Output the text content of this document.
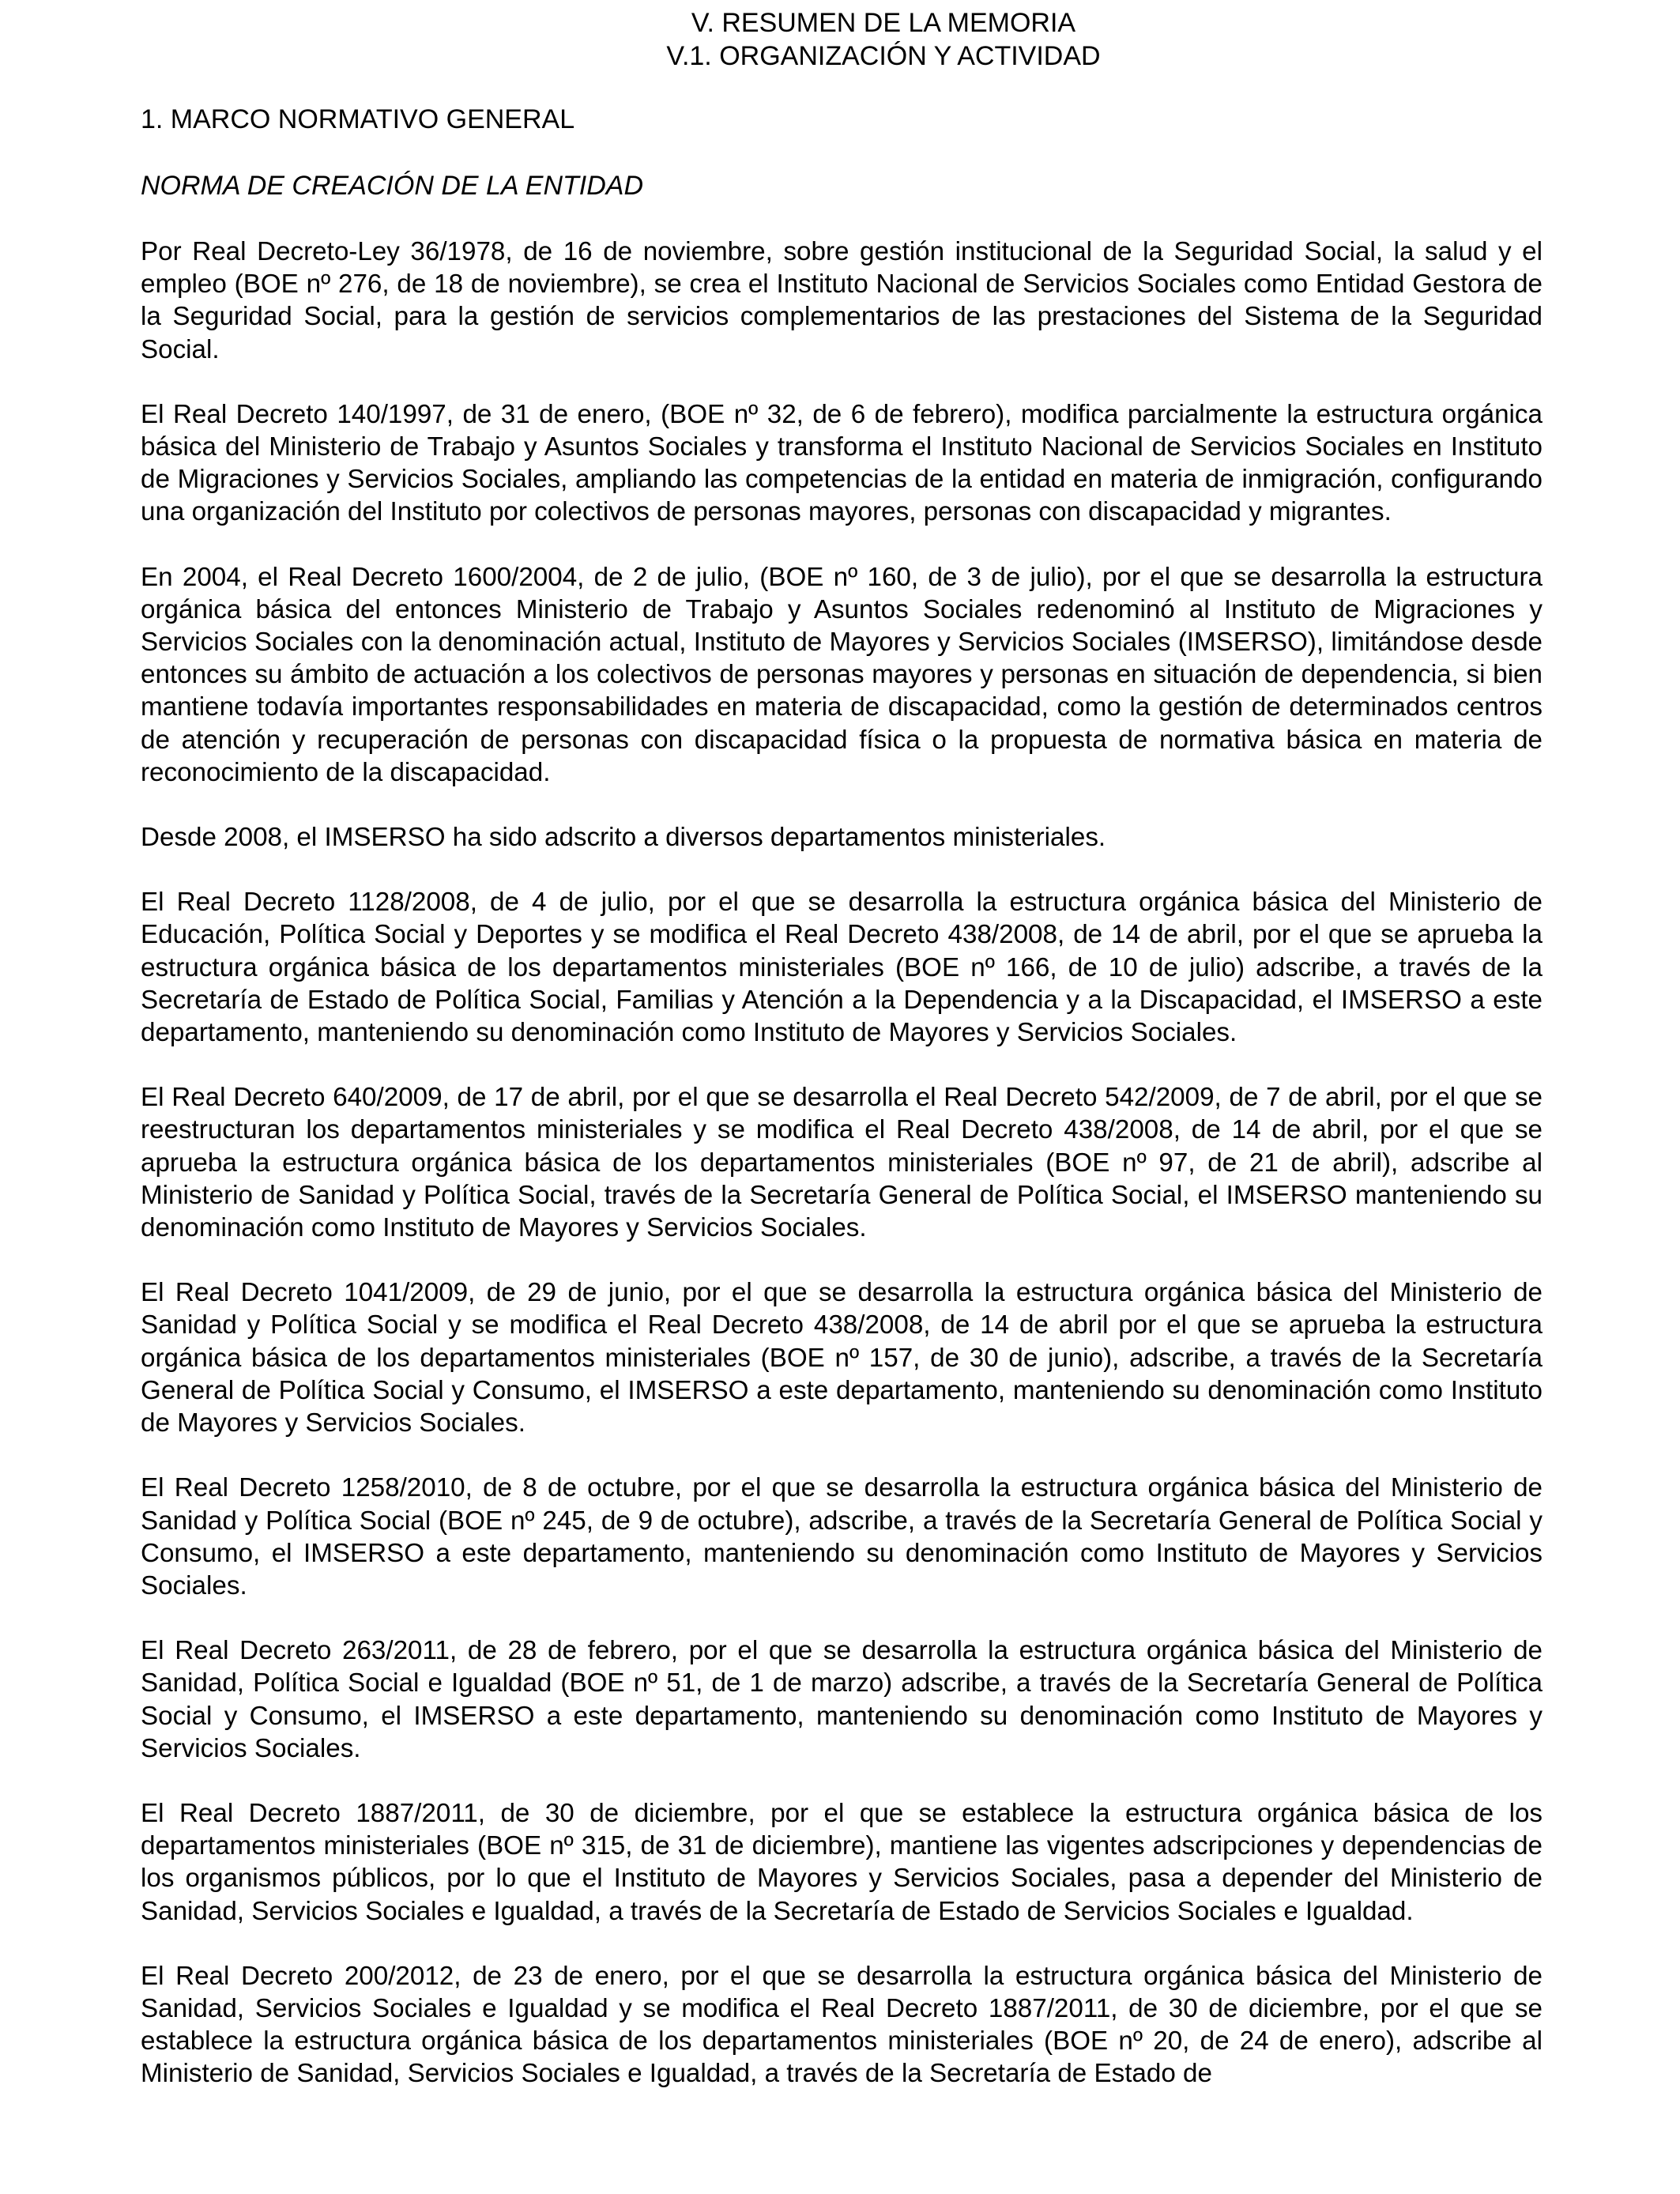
V. RESUMEN DE LA MEMORIA
V.1. ORGANIZACIÓN Y ACTIVIDAD
1. MARCO NORMATIVO GENERAL
NORMA DE CREACIÓN DE LA ENTIDAD

Por Real Decreto-Ley 36/1978, de 16 de noviembre, sobre gestión institucional de la Seguridad Social, la salud y el empleo (BOE nº 276, de 18 de noviembre), se crea el Instituto Nacional de Servicios Sociales como Entidad Gestora de la Seguridad Social, para la gestión de servicios complementarios de las prestaciones del Sistema de la Seguridad Social.

El Real Decreto 140/1997, de 31 de enero, (BOE nº 32, de 6 de febrero), modifica parcialmente la estructura orgánica básica del Ministerio de Trabajo y Asuntos Sociales y transforma el Instituto Nacional de Servicios Sociales en Instituto de Migraciones y Servicios Sociales, ampliando las competencias de la entidad en materia de inmigración, configurando una organización del Instituto por colectivos de personas mayores, personas con discapacidad y migrantes.

En 2004, el Real Decreto 1600/2004, de 2 de julio, (BOE nº 160, de 3 de julio), por el que se desarrolla la estructura orgánica básica del entonces Ministerio de Trabajo y Asuntos Sociales redenominó al Instituto de Migraciones y Servicios Sociales con la denominación actual, Instituto de Mayores y Servicios Sociales (IMSERSO), limitándose desde entonces su ámbito de actuación a los colectivos de personas mayores y personas en situación de dependencia, si bien mantiene todavía importantes responsabilidades en materia de discapacidad, como la gestión de determinados centros de atención y recuperación de personas con discapacidad física o la propuesta de normativa básica en materia de reconocimiento de la discapacidad.

Desde 2008, el IMSERSO ha sido adscrito a diversos departamentos ministeriales.

El Real Decreto 1128/2008, de 4 de julio, por el que se desarrolla la estructura orgánica básica del Ministerio de Educación, Política Social y Deportes y se modifica el Real Decreto 438/2008, de 14 de abril, por el que se aprueba la estructura orgánica básica de los departamentos ministeriales (BOE nº 166, de 10 de julio) adscribe, a través de la Secretaría de Estado de Política Social, Familias y Atención a la Dependencia y a la Discapacidad, el IMSERSO a este departamento, manteniendo su denominación como Instituto de Mayores y Servicios Sociales.

El Real Decreto 640/2009, de 17 de abril, por el que se desarrolla el Real Decreto 542/2009, de 7 de abril, por el que se reestructuran los departamentos ministeriales y se modifica el Real Decreto 438/2008, de 14 de abril, por el que se aprueba la estructura orgánica básica de los departamentos ministeriales (BOE nº 97, de 21 de abril), adscribe al Ministerio de Sanidad y Política Social, través de la Secretaría General de Política Social, el IMSERSO manteniendo su denominación como Instituto de Mayores y Servicios Sociales.

El Real Decreto 1041/2009, de 29 de junio, por el que se desarrolla la estructura orgánica básica del Ministerio de Sanidad y Política Social y se modifica el Real Decreto 438/2008, de 14 de abril por el que se aprueba la estructura orgánica básica de los departamentos ministeriales (BOE nº 157, de 30 de junio), adscribe, a través de la Secretaría General de Política Social y Consumo, el IMSERSO a este departamento, manteniendo su denominación como Instituto de Mayores y Servicios Sociales.

El Real Decreto 1258/2010, de 8 de octubre, por el que se desarrolla la estructura orgánica básica del Ministerio de Sanidad y Política Social (BOE nº 245, de 9 de octubre), adscribe, a través de la Secretaría General de Política Social y Consumo, el IMSERSO a este departamento, manteniendo su denominación como Instituto de Mayores y Servicios Sociales.

El Real Decreto 263/2011, de 28 de febrero, por el que se desarrolla la estructura orgánica básica del Ministerio de Sanidad, Política Social e Igualdad (BOE nº 51, de 1 de marzo) adscribe, a través de la Secretaría General de Política Social y Consumo, el IMSERSO a este departamento, manteniendo su denominación como Instituto de Mayores y Servicios Sociales.

El Real Decreto 1887/2011, de 30 de diciembre, por el que se establece la estructura orgánica básica de los departamentos ministeriales (BOE nº 315, de 31 de diciembre), mantiene las vigentes adscripciones y dependencias de los organismos públicos, por lo que el Instituto de Mayores y Servicios Sociales, pasa a depender del Ministerio de Sanidad, Servicios Sociales e Igualdad, a través de la Secretaría de Estado de Servicios Sociales e Igualdad.

El Real Decreto 200/2012, de 23 de enero, por el que se desarrolla la estructura orgánica básica del Ministerio de Sanidad, Servicios Sociales e Igualdad y se modifica el Real Decreto 1887/2011, de 30 de diciembre, por el que se establece la estructura orgánica básica de los departamentos ministeriales (BOE nº 20, de 24 de enero), adscribe al Ministerio de Sanidad, Servicios Sociales e Igualdad, a través de la Secretaría de Estado de
